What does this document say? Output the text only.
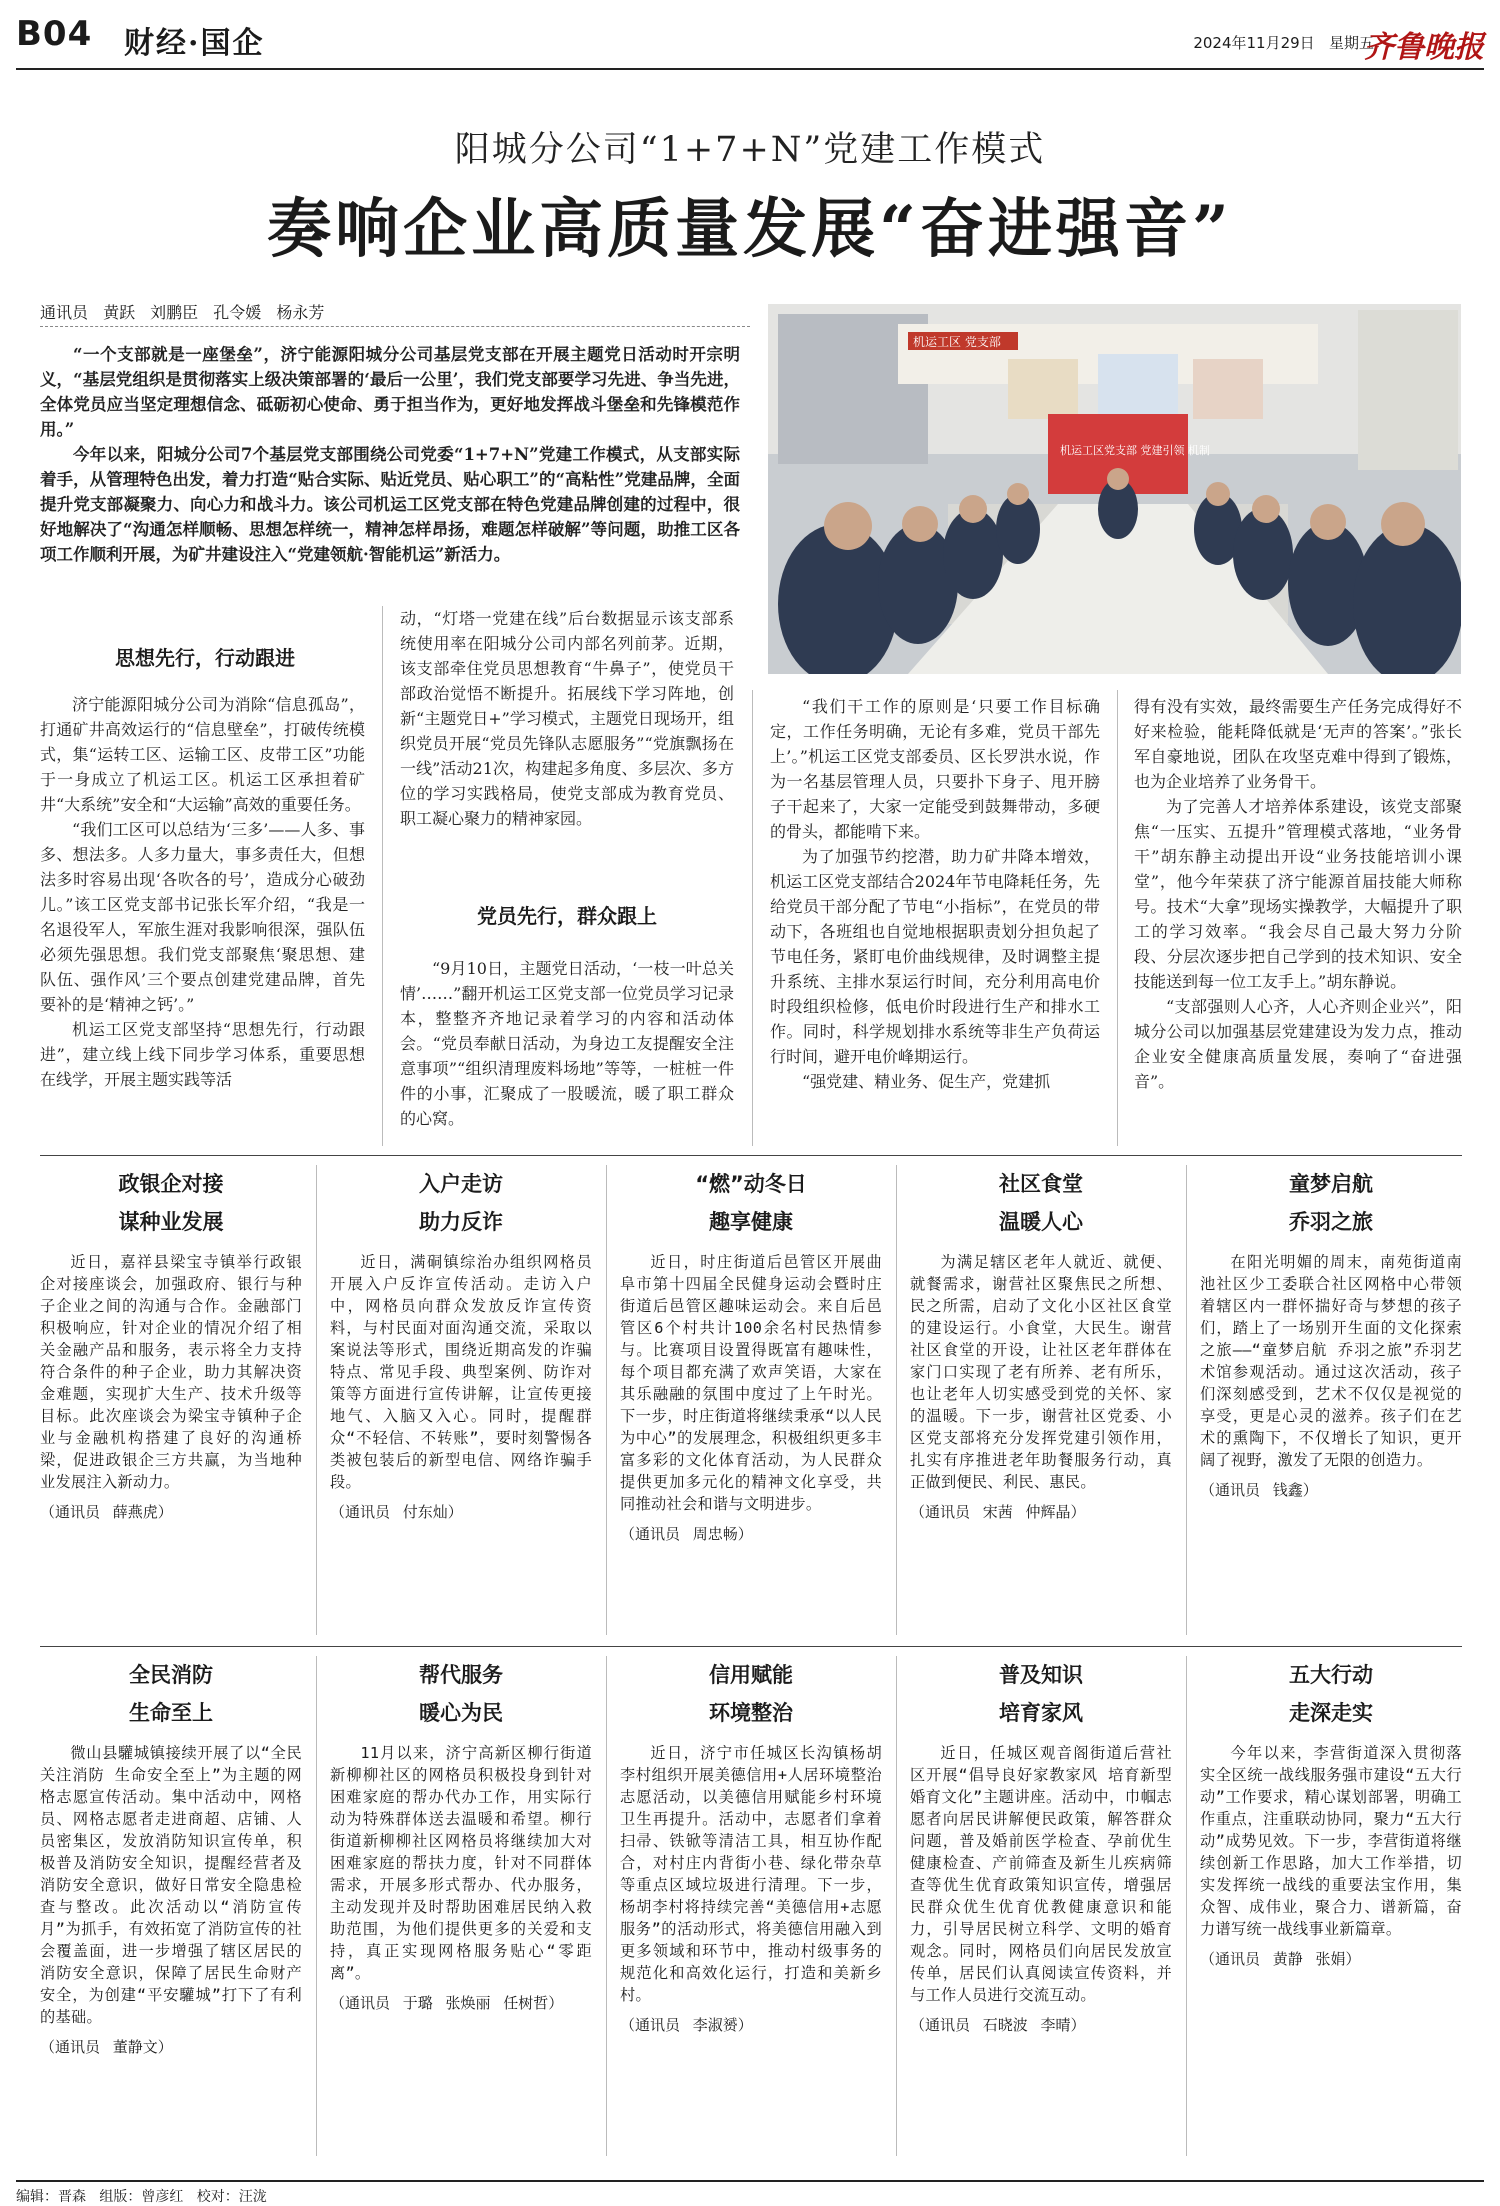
B04 财经·国企	2024年11月29日 星期五
齐鲁晚报
阳城分公司“1+7+N”党建工作模式
奏响企业高质量发展“奋进强音”
通讯员 黄跃 刘鹏臣 孔令媛 杨永芳

“一个支部就是一座堡垒”，济宁能源阳城分公司基层党支部在开展主题党日活动时开宗明义，“基层党组织是贯彻落实上级决策部署的‘最后一公里’，我们党支部要学习先进、争当先进，全体党员应当坚定理想信念、砥砺初心使命、勇于担当作为，更好地发挥战斗堡垒和先锋模范作用。”

今年以来，阳城分公司7个基层党支部围绕公司党委“1+7+N”党建工作模式，从支部实际着手，从管理特色出发，着力打造“贴合实际、贴近党员、贴心职工”的“高粘性”党建品牌，全面提升党支部凝聚力、向心力和战斗力。该公司机运工区党支部在特色党建品牌创建的过程中，很好地解决了“沟通怎样顺畅、思想怎样统一，精神怎样昂扬，难题怎样破解”等问题，助推工区各项工作顺利开展，为矿井建设注入“党建领航·智能机运”新活力。

机运工区 党支部
机运工区党支部 党建引领 机制
思想先行，行动跟进

济宁能源阳城分公司为消除“信息孤岛”，打通矿井高效运行的“信息壁垒”，打破传统模式，集“运转工区、运输工区、皮带工区”功能于一身成立了机运工区。机运工区承担着矿井“大系统”安全和“大运输”高效的重要任务。

“我们工区可以总结为‘三多’——人多、事多、想法多。人多力量大，事多责任大，但想法多时容易出现‘各吹各的号’，造成分心破劲儿。”该工区党支部书记张长军介绍，“我是一名退役军人，军旅生涯对我影响很深，强队伍必须先强思想。我们党支部聚焦‘聚思想、建队伍、强作风’三个要点创建党建品牌，首先要补的是‘精神之钙’。”

机运工区党支部坚持“思想先行，行动跟进”，建立线上线下同步学习体系，重要思想在线学，开展主题实践等活

动，“灯塔一党建在线”后台数据显示该支部系统使用率在阳城分公司内部名列前茅。近期，该支部牵住党员思想教育“牛鼻子”，使党员干部政治觉悟不断提升。拓展线下学习阵地，创新“主题党日+”学习模式，主题党日现场开，组织党员开展“党员先锋队志愿服务”“党旗飘扬在一线”活动21次，构建起多角度、多层次、多方位的学习实践格局，使党支部成为教育党员、职工凝心聚力的精神家园。

党员先行，群众跟上

“9月10日，主题党日活动，‘一枝一叶总关情’……”翻开机运工区党支部一位党员学习记录本，整整齐齐地记录着学习的内容和活动体会。“党员奉献日活动，为身边工友提醒安全注意事项”“组织清理废料场地”等等，一桩桩一件件的小事，汇聚成了一股暖流，暖了职工群众的心窝。

“我们干工作的原则是‘只要工作目标确定，工作任务明确，无论有多难，党员干部先上’。”机运工区党支部委员、区长罗洪水说，作为一名基层管理人员，只要扑下身子、甩开膀子干起来了，大家一定能受到鼓舞带动，多硬的骨头，都能啃下来。

为了加强节约挖潜，助力矿井降本增效，机运工区党支部结合2024年节电降耗任务，先给党员干部分配了节电“小指标”，在党员的带动下，各班组也自觉地根据职责划分担负起了节电任务，紧盯电价曲线规律，及时调整主提升系统、主排水泵运行时间，充分利用高电价时段组织检修，低电价时段进行生产和排水工作。同时，科学规划排水系统等非生产负荷运行时间，避开电价峰期运行。

“强党建、精业务、促生产，党建抓

得有没有实效，最终需要生产任务完成得好不好来检验，能耗降低就是‘无声的答案’。”张长军自豪地说，团队在攻坚克难中得到了锻炼，也为企业培养了业务骨干。

为了完善人才培养体系建设，该党支部聚焦“一压实、五提升”管理模式落地，“业务骨干”胡东静主动提出开设“业务技能培训小课堂”，他今年荣获了济宁能源首届技能大师称号。技术“大拿”现场实操教学，大幅提升了职工的学习效率。“我会尽自己最大努力分阶段、分层次逐步把自己学到的技术知识、安全技能送到每一位工友手上。”胡东静说。

“支部强则人心齐，人心齐则企业兴”，阳城分公司以加强基层党建建设为发力点，推动企业安全健康高质量发展，奏响了“奋进强音”。

政银企对接
谋种业发展

近日，嘉祥县梁宝寺镇举行政银企对接座谈会，加强政府、银行与种子企业之间的沟通与合作。金融部门积极响应，针对企业的情况介绍了相关金融产品和服务，表示将全力支持符合条件的种子企业，助力其解决资金难题，实现扩大生产、技术升级等目标。此次座谈会为梁宝寺镇种子企业与金融机构搭建了良好的沟通桥梁，促进政银企三方共赢，为当地种业发展注入新动力。

（通讯员 薛燕虎）
入户走访
助力反诈

近日，满硐镇综治办组织网格员开展入户反诈宣传活动。走访入户中，网格员向群众发放反诈宣传资料，与村民面对面沟通交流，采取以案说法等形式，围绕近期高发的诈骗特点、常见手段、典型案例、防诈对策等方面进行宣传讲解，让宣传更接地气、入脑又入心。同时，提醒群众“不轻信、不转账”，要时刻警惕各类被包装后的新型电信、网络诈骗手段。

（通讯员 付东灿）
“燃”动冬日
趣享健康

近日，时庄街道后邑管区开展曲阜市第十四届全民健身运动会暨时庄街道后邑管区趣味运动会。来自后邑管区6个村共计100余名村民热情参与。比赛项目设置得既富有趣味性，每个项目都充满了欢声笑语，大家在其乐融融的氛围中度过了上午时光。下一步，时庄街道将继续秉承“以人民为中心”的发展理念，积极组织更多丰富多彩的文化体育活动，为人民群众提供更加多元化的精神文化享受，共同推动社会和谐与文明进步。

（通讯员 周忠畅）
社区食堂
温暖人心

为满足辖区老年人就近、就便、就餐需求，谢营社区聚焦民之所想、民之所需，启动了文化小区社区食堂的建设运行。小食堂，大民生。谢营社区食堂的开设，让社区老年群体在家门口实现了老有所养、老有所乐，也让老年人切实感受到党的关怀、家的温暖。下一步，谢营社区党委、小区党支部将充分发挥党建引领作用，扎实有序推进老年助餐服务行动，真正做到便民、利民、惠民。

（通讯员 宋茜 仲辉晶）
童梦启航
乔羽之旅

在阳光明媚的周末，南苑街道南池社区少工委联合社区网格中心带领着辖区内一群怀揣好奇与梦想的孩子们，踏上了一场别开生面的文化探索之旅——“童梦启航 乔羽之旅”乔羽艺术馆参观活动。通过这次活动，孩子们深刻感受到，艺术不仅仅是视觉的享受，更是心灵的滋养。孩子们在艺术的熏陶下，不仅增长了知识，更开阔了视野，激发了无限的创造力。

（通讯员 钱鑫）
全民消防
生命至上

微山县驩城镇接续开展了以“全民关注消防 生命安全至上”为主题的网格志愿宣传活动。集中活动中，网格员、网格志愿者走进商超、店铺、人员密集区，发放消防知识宣传单，积极普及消防安全知识，提醒经营者及消防安全意识，做好日常安全隐患检查与整改。此次活动以“消防宣传月”为抓手，有效拓宽了消防宣传的社会覆盖面，进一步增强了辖区居民的消防安全意识，保障了居民生命财产安全，为创建“平安驩城”打下了有利的基础。

（通讯员 董静文）
帮代服务
暖心为民

11月以来，济宁高新区柳行街道新柳柳社区的网格员积极投身到针对困难家庭的帮办代办工作，用实际行动为特殊群体送去温暖和希望。柳行街道新柳柳社区网格员将继续加大对困难家庭的帮扶力度，针对不同群体需求，开展多形式帮办、代办服务，主动发现并及时帮助困难居民纳入救助范围，为他们提供更多的关爱和支持，真正实现网格服务贴心“零距离”。

（通讯员 于璐 张焕丽 任树哲）
信用赋能
环境整治

近日，济宁市任城区长沟镇杨胡李村组织开展美德信用+人居环境整治志愿活动，以美德信用赋能乡村环境卫生再提升。活动中，志愿者们拿着扫帚、铁锨等清洁工具，相互协作配合，对村庄内背街小巷、绿化带杂草等重点区域垃圾进行清理。下一步，杨胡李村将持续完善“美德信用+志愿服务”的活动形式，将美德信用融入到更多领域和环节中，推动村级事务的规范化和高效化运行，打造和美新乡村。

（通讯员 李淑赟）
普及知识
培育家风

近日，任城区观音阁街道后营社区开展“倡导良好家教家风 培育新型婚育文化”主题讲座。活动中，巾帼志愿者向居民讲解便民政策，解答群众问题，普及婚前医学检查、孕前优生健康检查、产前筛查及新生儿疾病筛查等优生优育政策知识宣传，增强居民群众优生优育优教健康意识和能力，引导居民树立科学、文明的婚育观念。同时，网格员们向居民发放宣传单，居民们认真阅读宣传资料，并与工作人员进行交流互动。

（通讯员 石晓波 李晴）
五大行动
走深走实

今年以来，李营街道深入贯彻落实全区统一战线服务强市建设“五大行动”工作要求，精心谋划部署，明确工作重点，注重联动协同，聚力“五大行动”成势见效。下一步，李营街道将继续创新工作思路，加大工作举措，切实发挥统一战线的重要法宝作用，集众智、成伟业，聚合力、谱新篇，奋力谱写统一战线事业新篇章。

（通讯员 黄静 张娟）
编辑：晋森 组版：曾彦红 校对：汪泷
